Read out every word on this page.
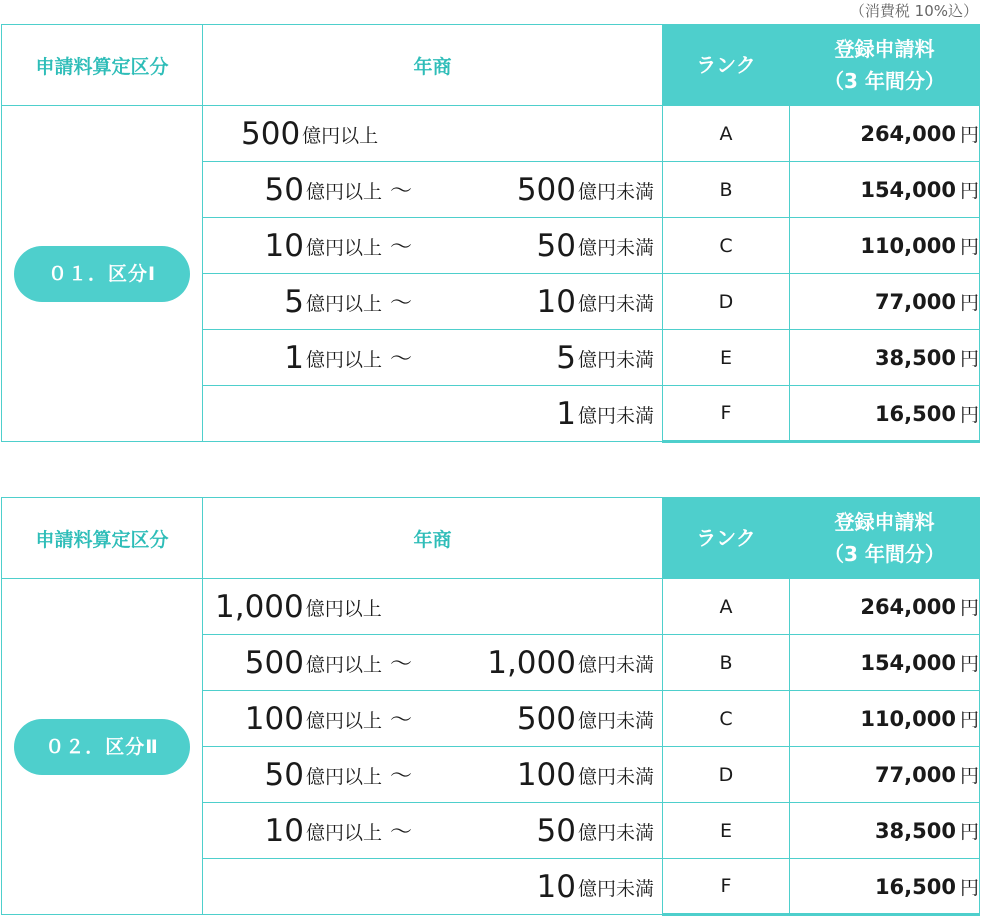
（消費税 10%込）
申請料算定区分	年商	ランク	登録申請料
（3 年間分）

０１．区分Ⅰ	500 億円以上	A	264,000 円

	50 億円以上 ～ 500 億円未満	B	154,000 円

	10 億円以上 ～ 50 億円未満	C	110,000 円

	5 億円以上 ～ 10 億円未満	D	77,000 円

	1 億円以上 ～ 5 億円未満	E	38,500 円

	1 億円未満	F	16,500 円
申請料算定区分	年商	ランク	登録申請料
（3 年間分）

０２．区分Ⅱ	1,000 億円以上	A	264,000 円

	500 億円以上 ～ 1,000 億円未満	B	154,000 円

	100 億円以上 ～ 500 億円未満	C	110,000 円

	50 億円以上 ～ 100 億円未満	D	77,000 円

	10 億円以上 ～ 50 億円未満	E	38,500 円

	10 億円未満	F	16,500 円
